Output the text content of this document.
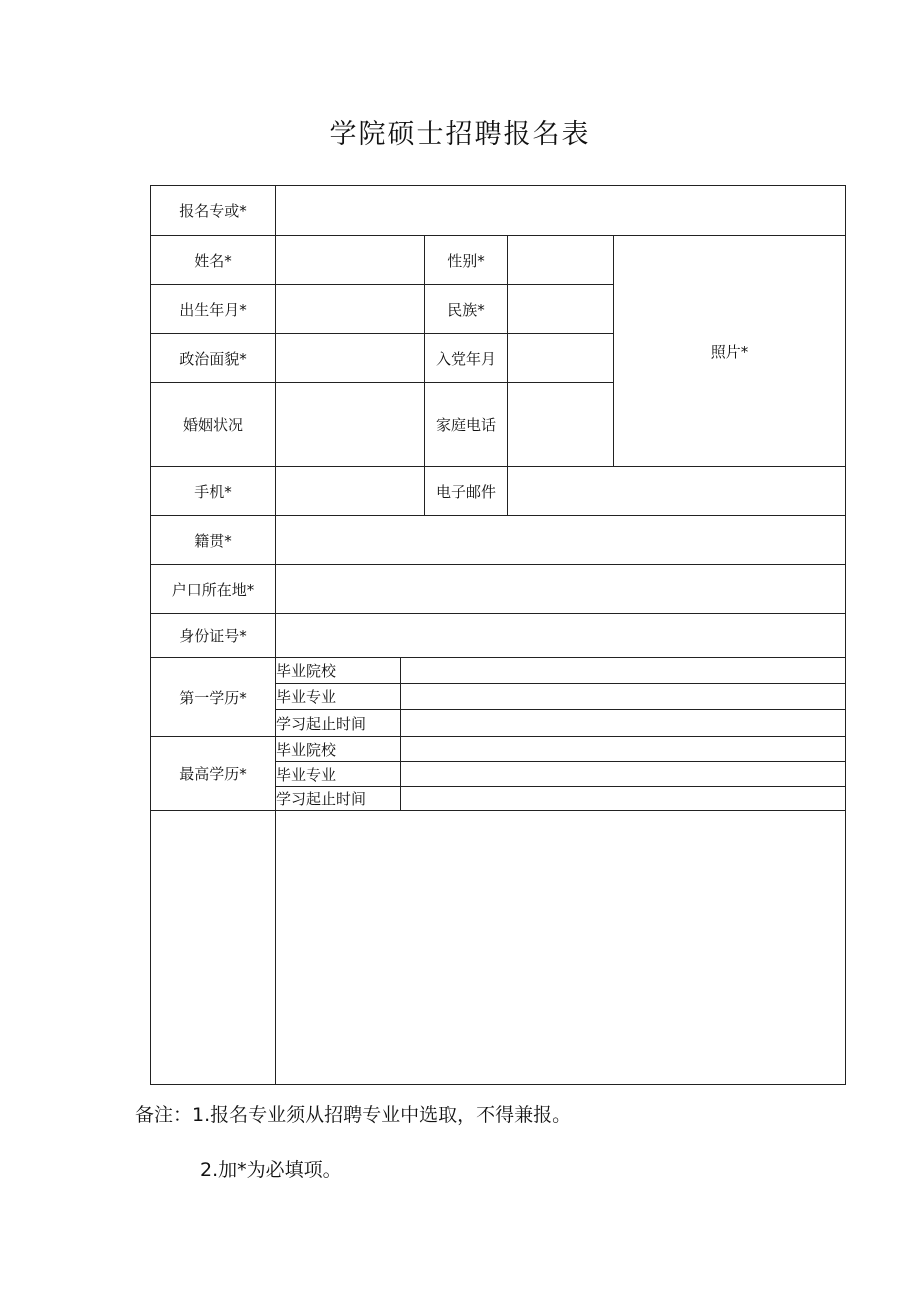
学院硕士招聘报名表
报名专或*					
姓名*			性别*		照片*
出生年月*			民族*		
政治面貌*			入党年月		
婚姻状况			家庭电话		
手机*			电子邮件		
籍贯*					
户口所在地*					
身份证号*					
第一学历*	毕业院校				
	毕业专业				
	学习起止时间				
最高学历*	毕业院校				
	毕业专业				
	学习起止时间				

备注：1.报名专业须从招聘专业中选取，不得兼报。
2.加*为必填项。
